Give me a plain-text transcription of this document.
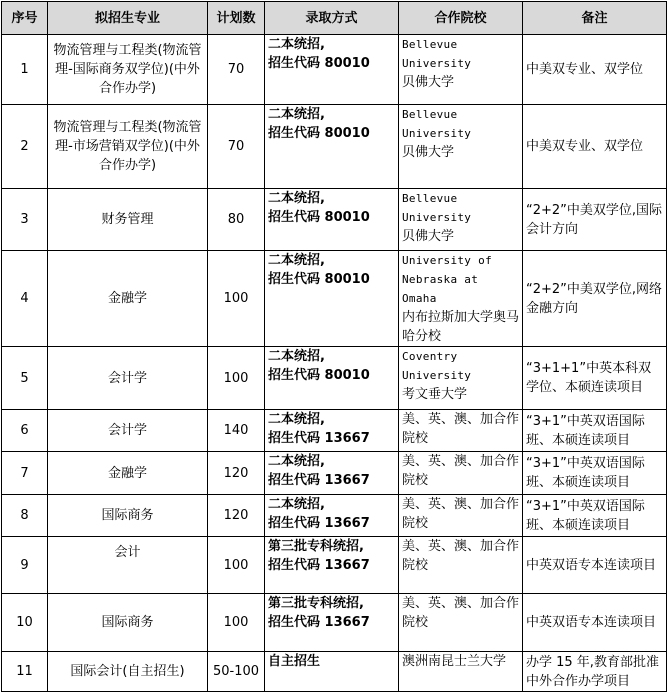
序号	拟招生专业	计划数	录取方式	合作院校	备注
1	物流管理与工程类(物流管理-国际商务双学位)(中外合作办学)	70	二本统招,
招生代码 80010	Bellevue
University
贝佛大学	中美双专业、双学位
2	物流管理与工程类(物流管理-市场营销双学位)(中外合作办学)	70	二本统招,
招生代码 80010	Bellevue
University
贝佛大学	中美双专业、双学位
3	财务管理	80	二本统招,
招生代码 80010	Bellevue
University
贝佛大学	“2+2”中美双学位,国际会计方向
4	金融学	100	二本统招,
招生代码 80010	University of
Nebraska at Omaha
内布拉斯加大学奥马哈分校	“2+2”中美双学位,网络金融方向
5	会计学	100	二本统招,
招生代码 80010	Coventry
University
考文垂大学	“3+1+1”中英本科双学位、本硕连读项目
6	会计学	140	二本统招,
招生代码 13667	美、英、澳、加合作院校	“3+1”中英双语国际班、本硕连读项目
7	金融学	120	二本统招,
招生代码 13667	美、英、澳、加合作院校	“3+1”中英双语国际班、本硕连读项目
8	国际商务	120	二本统招,
招生代码 13667	美、英、澳、加合作院校	“3+1”中英双语国际班、本硕连读项目
9	会计	100	第三批专科统招,
招生代码 13667	美、英、澳、加合作院校	中英双语专本连读项目
10	国际商务	100	第三批专科统招,
招生代码 13667	美、英、澳、加合作院校	中英双语专本连读项目
11	国际会计(自主招生)	50-100	自主招生	澳洲南昆士兰大学	办学 15 年,教育部批准中外合作办学项目
